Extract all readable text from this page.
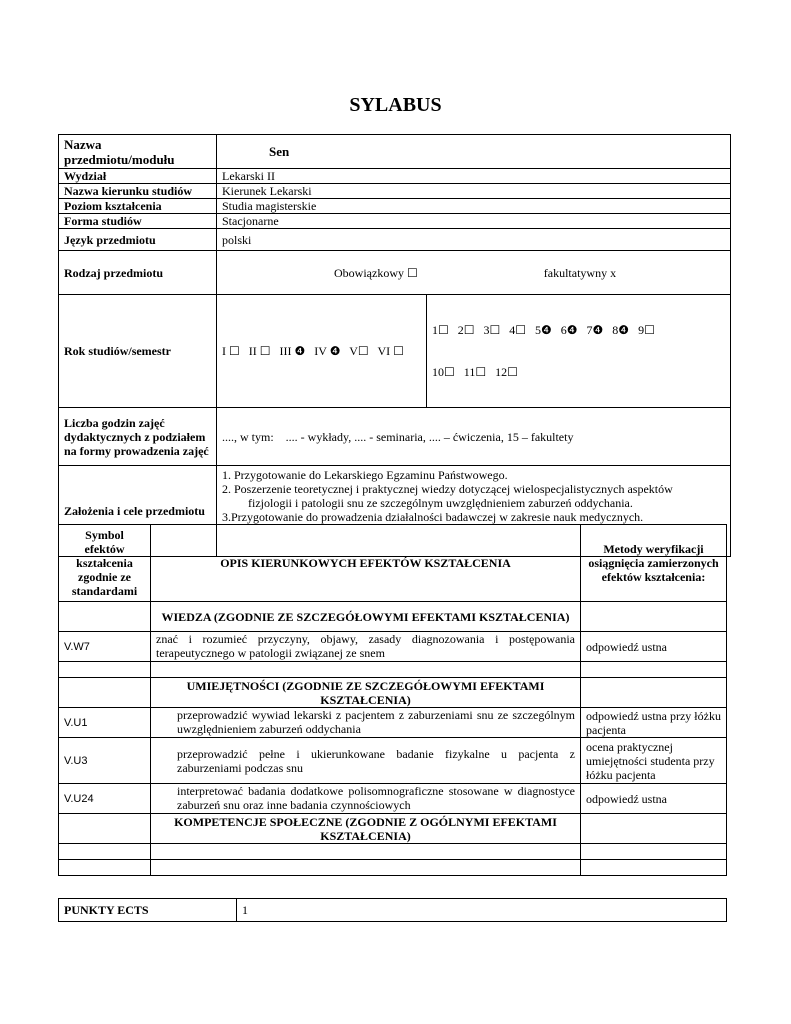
SYLABUS
Nazwa przedmiotu/modułu	Sen	
Wydział	Lekarski II	
Nazwa kierunku studiów	Kierunek Lekarski	
Poziom kształcenia	Studia magisterskie	
Forma studiów	Stacjonarne	
Język przedmiotu	polski	
Rodzaj przedmiotu	Obowiązkowy ☐ fakultatywny x	
Rok studiów/semestr	I ☐   II ☐   III ❹   IV ❹   V☐   VI ☐	1☐   2☐   3☐   4☐   5❹   6❹   7❹   8❹   9☐

10☐   11☐   12☐

Liczba godzin zajęć dydaktycznych z podziałem na formy prowadzenia zajęć	...., w tym:    .... - wykłady, .... - seminaria, .... – ćwiczenia, 15 – fakultety	
Założenia i cele przedmiotu	1. Przygotowanie do Lekarskiego Egzaminu Państwowego.
2. Poszerzenie teoretycznej i praktycznej wiedzy dotyczącej wielospecjalistycznych aspektów
fizjologii i patologii snu ze szczególnym uwzględnieniem zaburzeń oddychania.
3.Przygotowanie do prowadzenia działalności badawczej w zakresie nauk medycznych.	
Symbol efektów kształcenia zgodnie ze standardami	OPIS KIERUNKOWYCH EFEKTÓW KSZTAŁCENIA	Metody weryfikacji osiągnięcia zamierzonych efektów kształcenia:
	WIEDZA (ZGODNIE ZE SZCZEGÓŁOWYMI EFEKTAMI KSZTAŁCENIA)	
V.W7	znać i rozumieć przyczyny, objawy, zasady diagnozowania i postępowania terapeutycznego w patologii związanej ze snem	odpowiedź ustna

	UMIEJĘTNOŚCI (ZGODNIE ZE SZCZEGÓŁOWYMI EFEKTAMI KSZTAŁCENIA)	
V.U1	przeprowadzić wywiad lekarski z pacjentem z zaburzeniami snu ze szczególnym uwzględnieniem zaburzeń oddychania	odpowiedź ustna przy łóżku pacjenta
V.U3	przeprowadzić pełne i ukierunkowane badanie fizykalne u pacjenta z zaburzeniami podczas snu	ocena praktycznej umiejętności studenta przy łóżku pacjenta
V.U24	interpretować badania dodatkowe polisomnograficzne stosowane w diagnostyce zaburzeń snu oraz inne badania czynnościowych	odpowiedź ustna
	KOMPETENCJE SPOŁECZNE (ZGODNIE Z OGÓLNYMI EFEKTAMI KSZTAŁCENIA)	

PUNKTY ECTS	1
